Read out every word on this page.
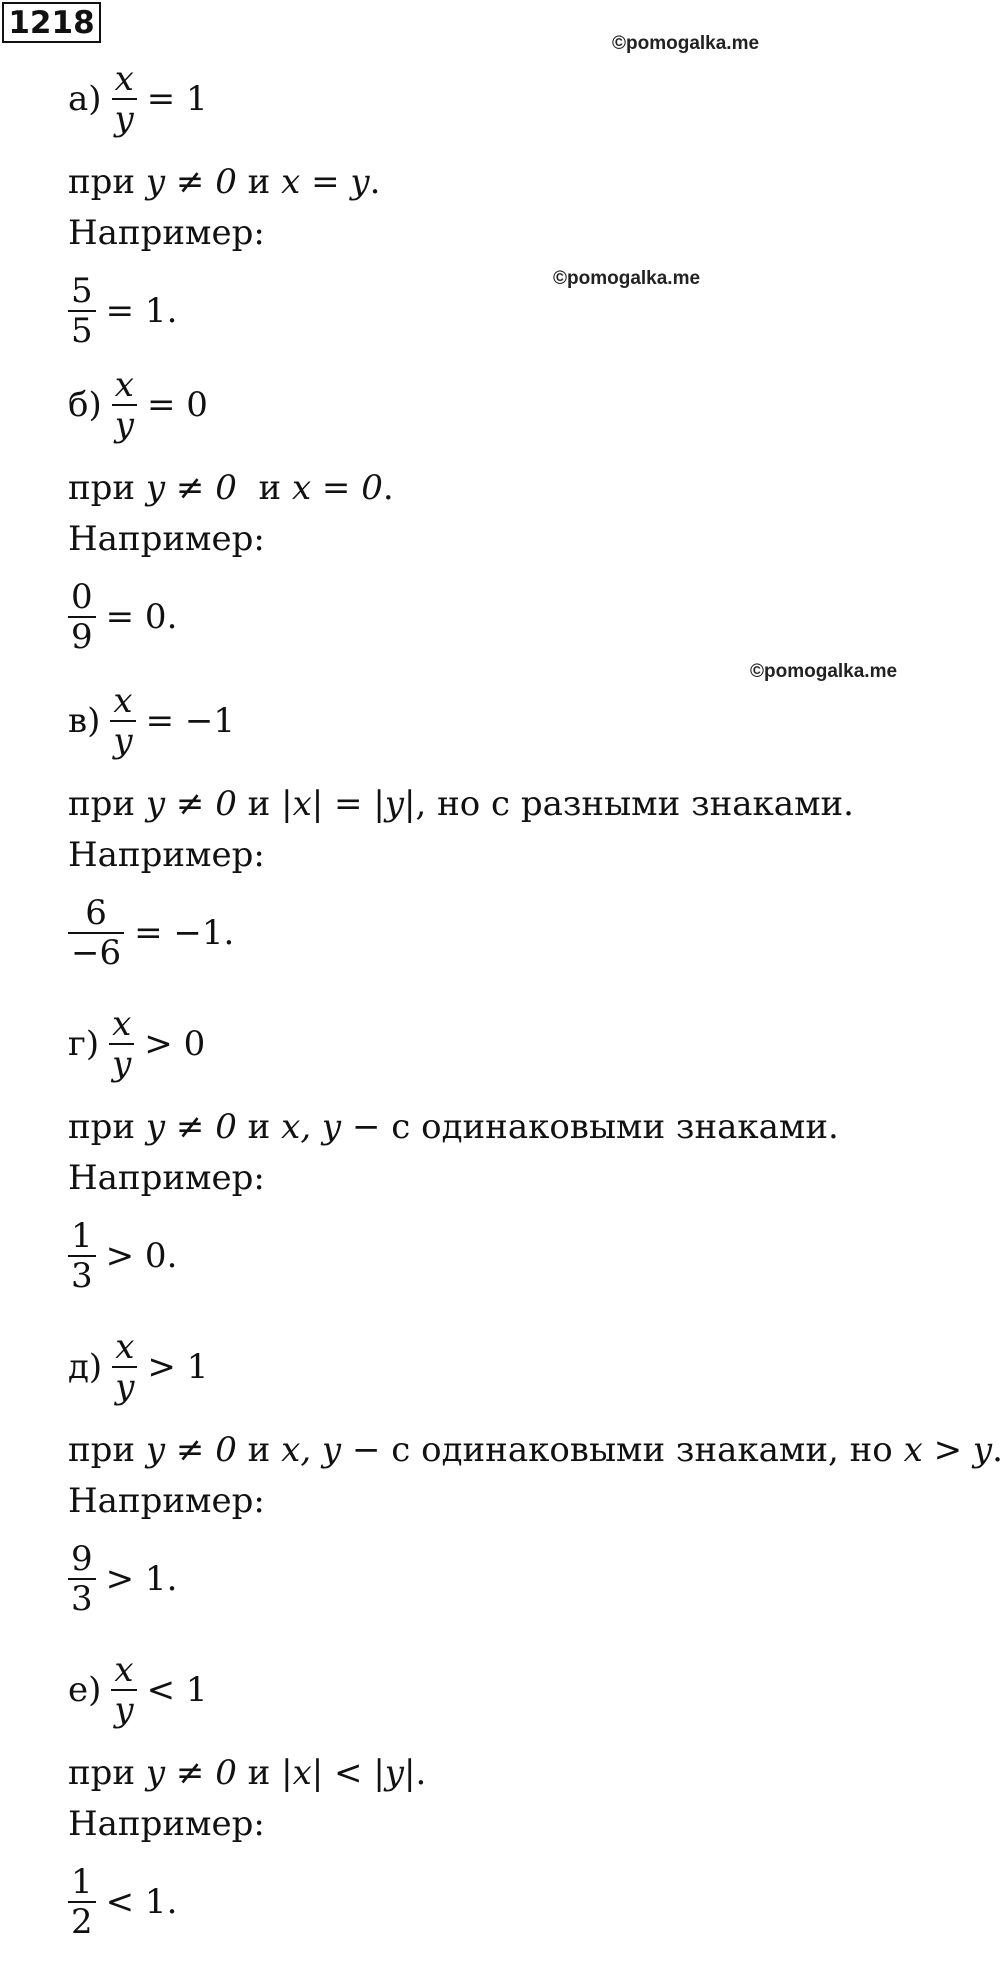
1218
©pomogalka.me
©pomogalka.me
©pomogalka.me
$а) \frac{x}{y} = 1$
при y ≠ 0 и x = y.
Например:
$\frac{5}{5} = 1$.
$б) \frac{x}{y} = 0$
при y ≠ 0  и x = 0.
Например:
$\frac{0}{9} = 0$.
$в) \frac{x}{y} = -1$
при y ≠ 0 и |x| = |y|, но с разными знаками.
Например:
$\frac{6}{-6} = -1$.
$г) \frac{x}{y} > 0$
при y ≠ 0 и x, y − с одинаковыми знаками.
Например:
$\frac{1}{3} > 0$.
$д) \frac{x}{y} > 1$
при y ≠ 0 и x, y − с одинаковыми знаками, но x > y.
Например:
$\frac{9}{3} > 1$.
$е) \frac{x}{y} < 1$
при y ≠ 0 и |x| < |y|.
Например:
$\frac{1}{2} < 1$.
